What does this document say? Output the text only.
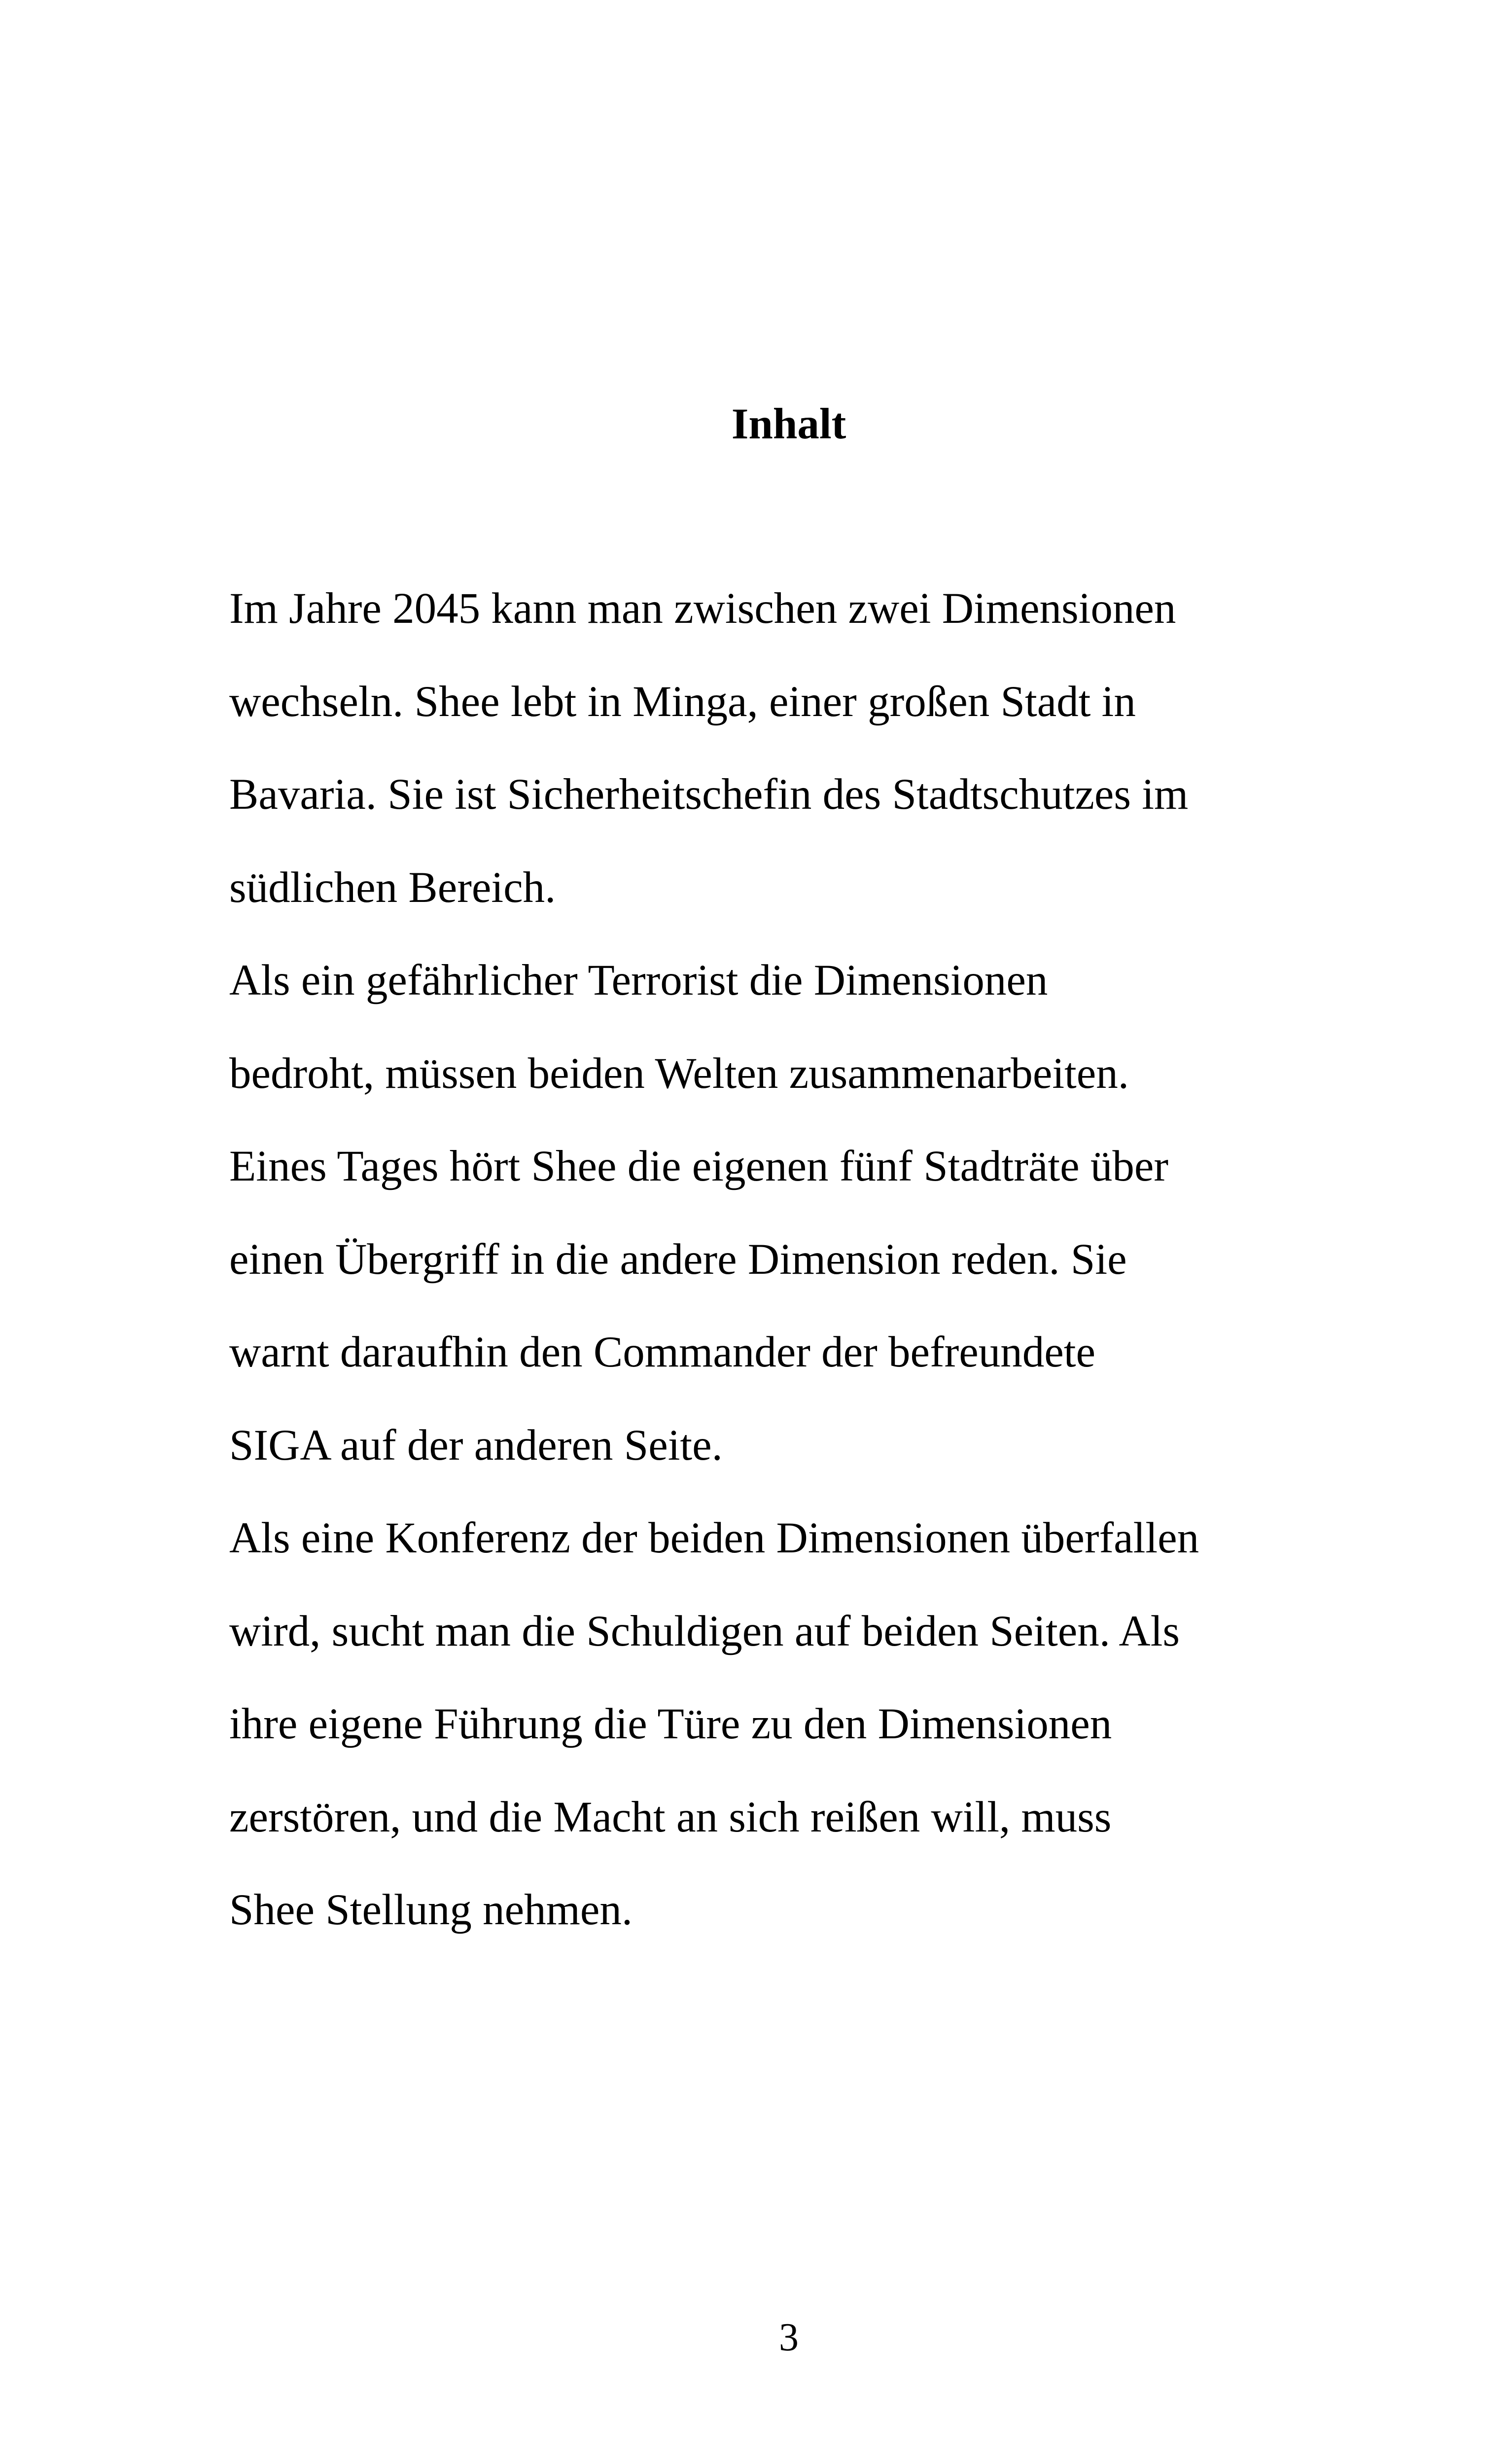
Inhalt
Im Jahre 2045 kann man zwischen zwei Dimensionen
wechseln. Shee lebt in Minga, einer großen Stadt in
Bavaria. Sie ist Sicherheitschefin des Stadtschutzes im
südlichen Bereich.
Als ein gefährlicher Terrorist die Dimensionen
bedroht, müssen beiden Welten zusammenarbeiten.
Eines Tages hört Shee die eigenen fünf Stadträte über
einen Übergriff in die andere Dimension reden. Sie
warnt daraufhin den Commander der befreundete
SIGA auf der anderen Seite.
Als eine Konferenz der beiden Dimensionen überfallen
wird, sucht man die Schuldigen auf beiden Seiten. Als
ihre eigene Führung die Türe zu den Dimensionen
zerstören, und die Macht an sich reißen will, muss
Shee Stellung nehmen.
3
